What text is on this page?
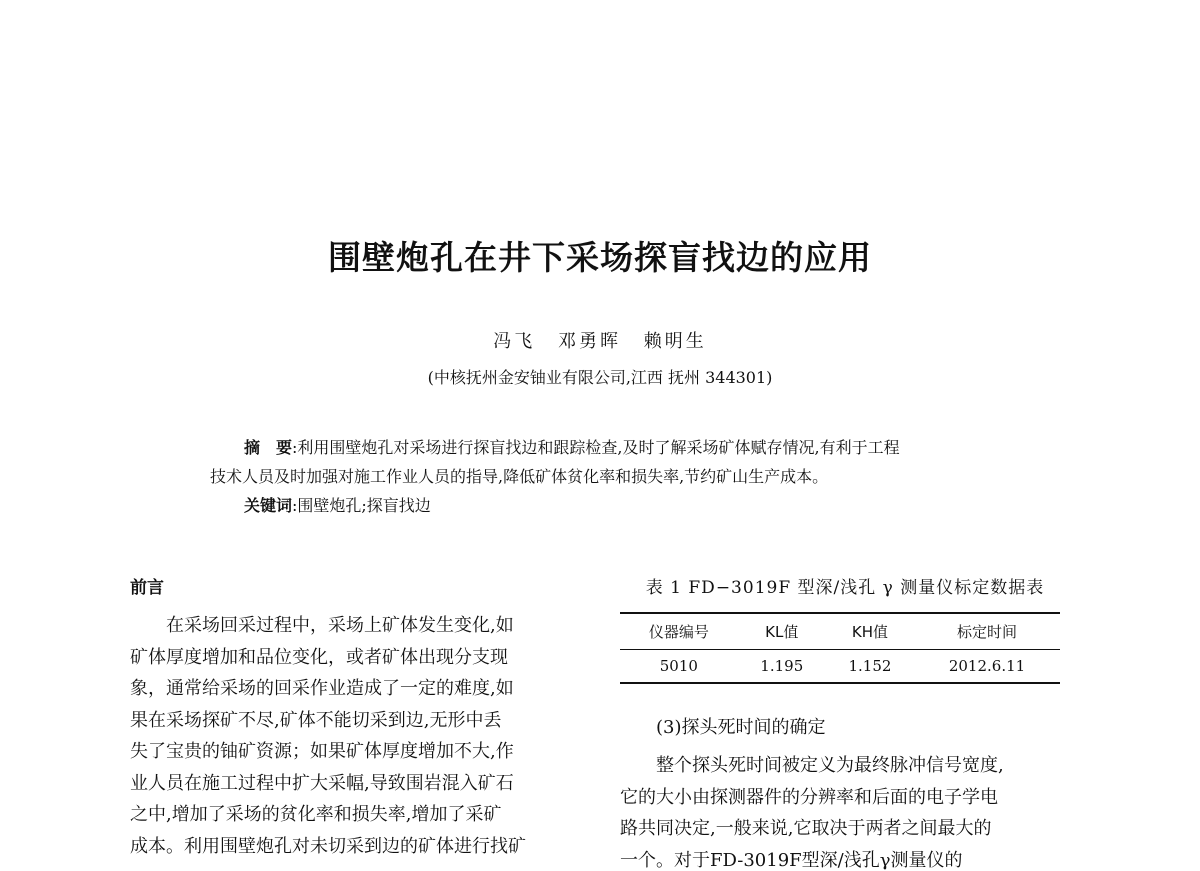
围壁炮孔在井下采场探盲找边的应用
冯飞 邓勇晖 赖明生
(中核抚州金安铀业有限公司,江西 抚州 344301)
摘　要:利用围壁炮孔对采场进行探盲找边和跟踪检查,及时了解采场矿体赋存情况,有利于工程
技术人员及时加强对施工作业人员的指导,降低矿体贫化率和损失率,节约矿山生产成本。
关键词:围壁炮孔;探盲找边
前言

　　在采场回采过程中，采场上矿体发生变化,如
矿体厚度增加和品位变化，或者矿体出现分支现
象，通常给采场的回采作业造成了一定的难度,如
果在采场探矿不尽,矿体不能切采到边,无形中丢
失了宝贵的铀矿资源；如果矿体厚度增加不大,作
业人员在施工过程中扩大采幅,导致围岩混入矿石
之中,增加了采场的贫化率和损失率,增加了采矿
成本。利用围壁炮孔对未切采到边的矿体进行找矿

表 1 FD−3019F 型深/浅孔 γ 测量仪标定数据表
仪器编号	KL值	KH值	标定时间
5010	1.195	1.152	2012.6.11
(3)探头死时间的确定

　　整个探头死时间被定义为最终脉冲信号宽度,
它的大小由探测器件的分辨率和后面的电子学电
路共同决定,一般来说,它取决于两者之间最大的
一个。对于FD-3019F型深/浅孔γ测量仪的
